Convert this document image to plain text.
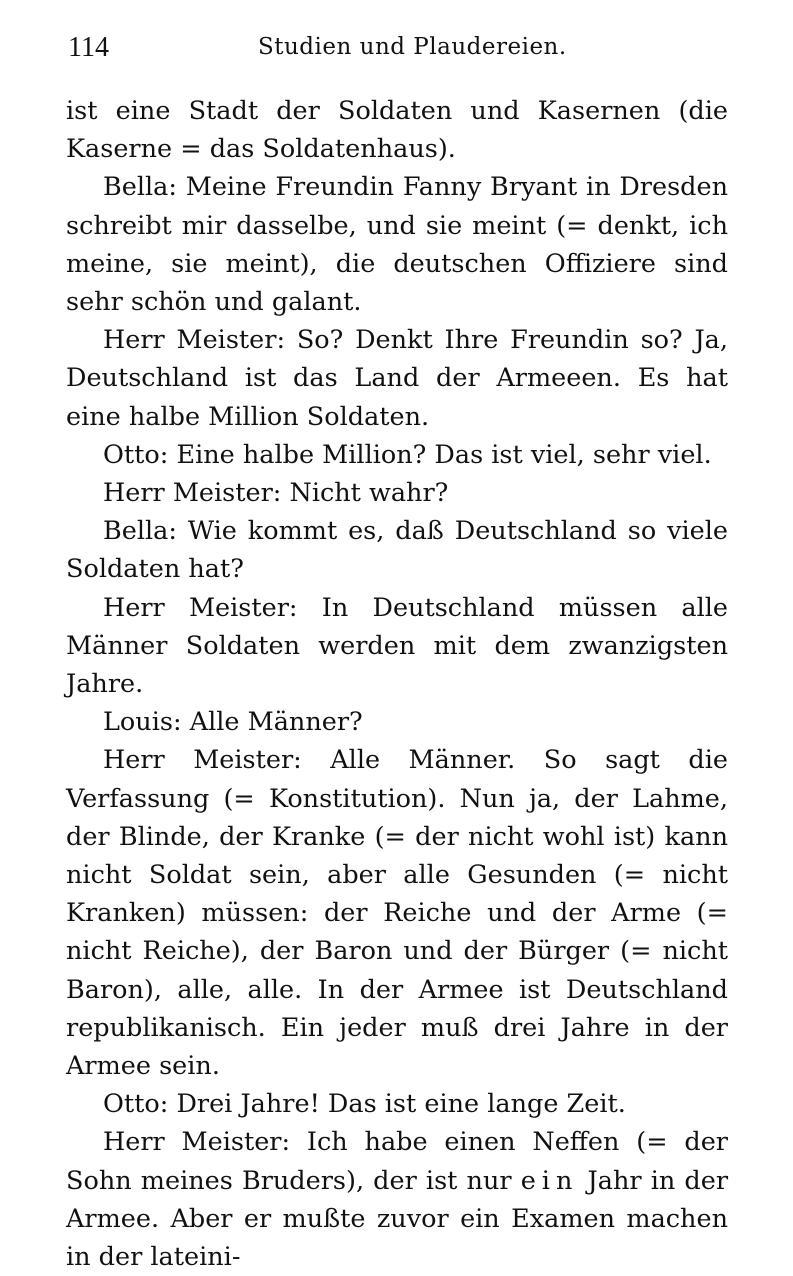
114	Studien und Plaudereien.

ist eine Stadt der Soldaten und Kasernen (die Kaserne = das Soldatenhaus).

Bella: Meine Freundin Fanny Bryant in Dresden schreibt mir dasselbe, und sie meint (= denkt, ich meine, sie meint), die deutschen Offiziere sind sehr schön und galant.

Herr Meister: So? Denkt Ihre Freundin so? Ja, Deutschland ist das Land der Armeeen. Es hat eine halbe Million Soldaten.

Otto: Eine halbe Million? Das ist viel, sehr viel.

Herr Meister: Nicht wahr?

Bella: Wie kommt es, daß Deutschland so viele Soldaten hat?

Herr Meister: In Deutschland müssen alle Männer Soldaten werden mit dem zwanzigsten Jahre.

Louis: Alle Männer?

Herr Meister: Alle Männer. So sagt die Verfassung (= Konstitution). Nun ja, der Lahme, der Blinde, der Kranke (= der nicht wohl ist) kann nicht Soldat sein, aber alle Gesunden (= nicht Kranken) müssen: der Reiche und der Arme (= nicht Reiche), der Baron und der Bürger (= nicht Baron), alle, alle. In der Armee ist Deutschland republikanisch. Ein jeder muß drei Jahre in der Armee sein.

Otto: Drei Jahre! Das ist eine lange Zeit.

Herr Meister: Ich habe einen Neffen (= der Sohn meines Bruders), der ist nur ein Jahr in der Armee. Aber er mußte zuvor ein Examen machen in der lateini-
